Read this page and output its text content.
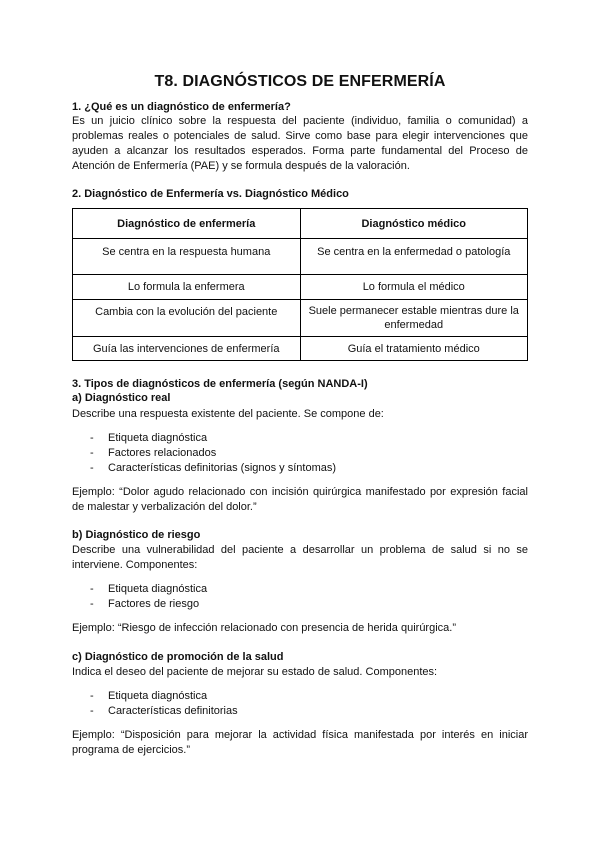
T8. DIAGNÓSTICOS DE ENFERMERÍA
1. ¿Qué es un diagnóstico de enfermería?

Es un juicio clínico sobre la respuesta del paciente (individuo, familia o comunidad) a problemas reales o potenciales de salud. Sirve como base para elegir intervenciones que ayuden a alcanzar los resultados esperados. Forma parte fundamental del Proceso de Atención de Enfermería (PAE) y se formula después de la valoración.

2. Diagnóstico de Enfermería vs. Diagnóstico Médico
Diagnóstico de enfermería	Diagnóstico médico
Se centra en la respuesta humana	Se centra en la enfermedad o patología
Lo formula la enfermera	Lo formula el médico
Cambia con la evolución del paciente	Suele permanecer estable mientras dure la enfermedad
Guía las intervenciones de enfermería	Guía el tratamiento médico
3. Tipos de diagnósticos de enfermería (según NANDA-I)
a) Diagnóstico real

Describe una respuesta existente del paciente. Se compone de:

- Etiqueta diagnóstica
- Factores relacionados
- Características definitorias (signos y síntomas)

Ejemplo: “Dolor agudo relacionado con incisión quirúrgica manifestado por expresión facial de malestar y verbalización del dolor.”

b) Diagnóstico de riesgo

Describe una vulnerabilidad del paciente a desarrollar un problema de salud si no se interviene. Componentes:

- Etiqueta diagnóstica
- Factores de riesgo

Ejemplo: “Riesgo de infección relacionado con presencia de herida quirúrgica.”

c) Diagnóstico de promoción de la salud

Indica el deseo del paciente de mejorar su estado de salud. Componentes:

- Etiqueta diagnóstica
- Características definitorias

Ejemplo: “Disposición para mejorar la actividad física manifestada por interés en iniciar programa de ejercicios.”
